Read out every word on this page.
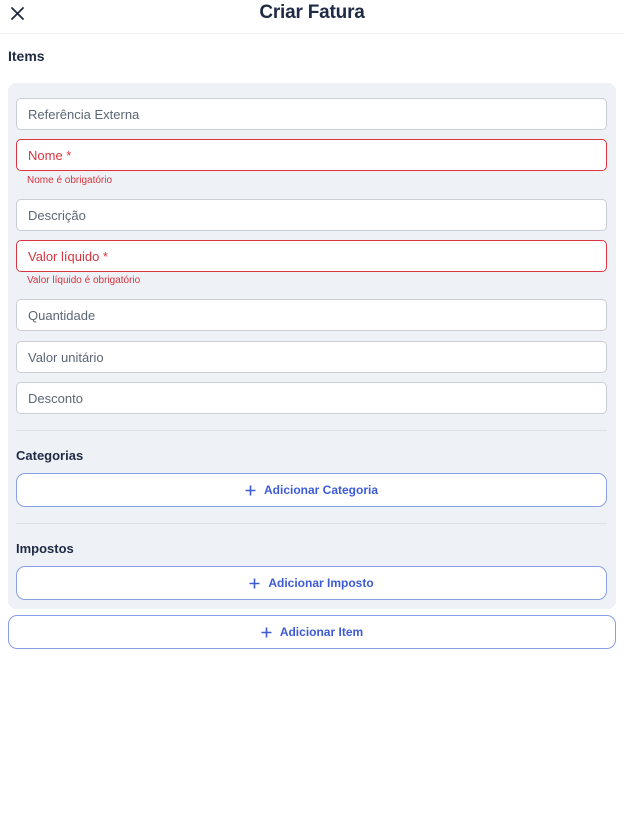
Criar Fatura
Items
Referência Externa
Nome *
Nome é obrigatório
Descrição
Valor líquido *
Valor líquido é obrigatório
Quantidade
Valor unitário
Desconto
Categorias
Adicionar Categoria
Impostos
Adicionar Imposto
Adicionar Item
